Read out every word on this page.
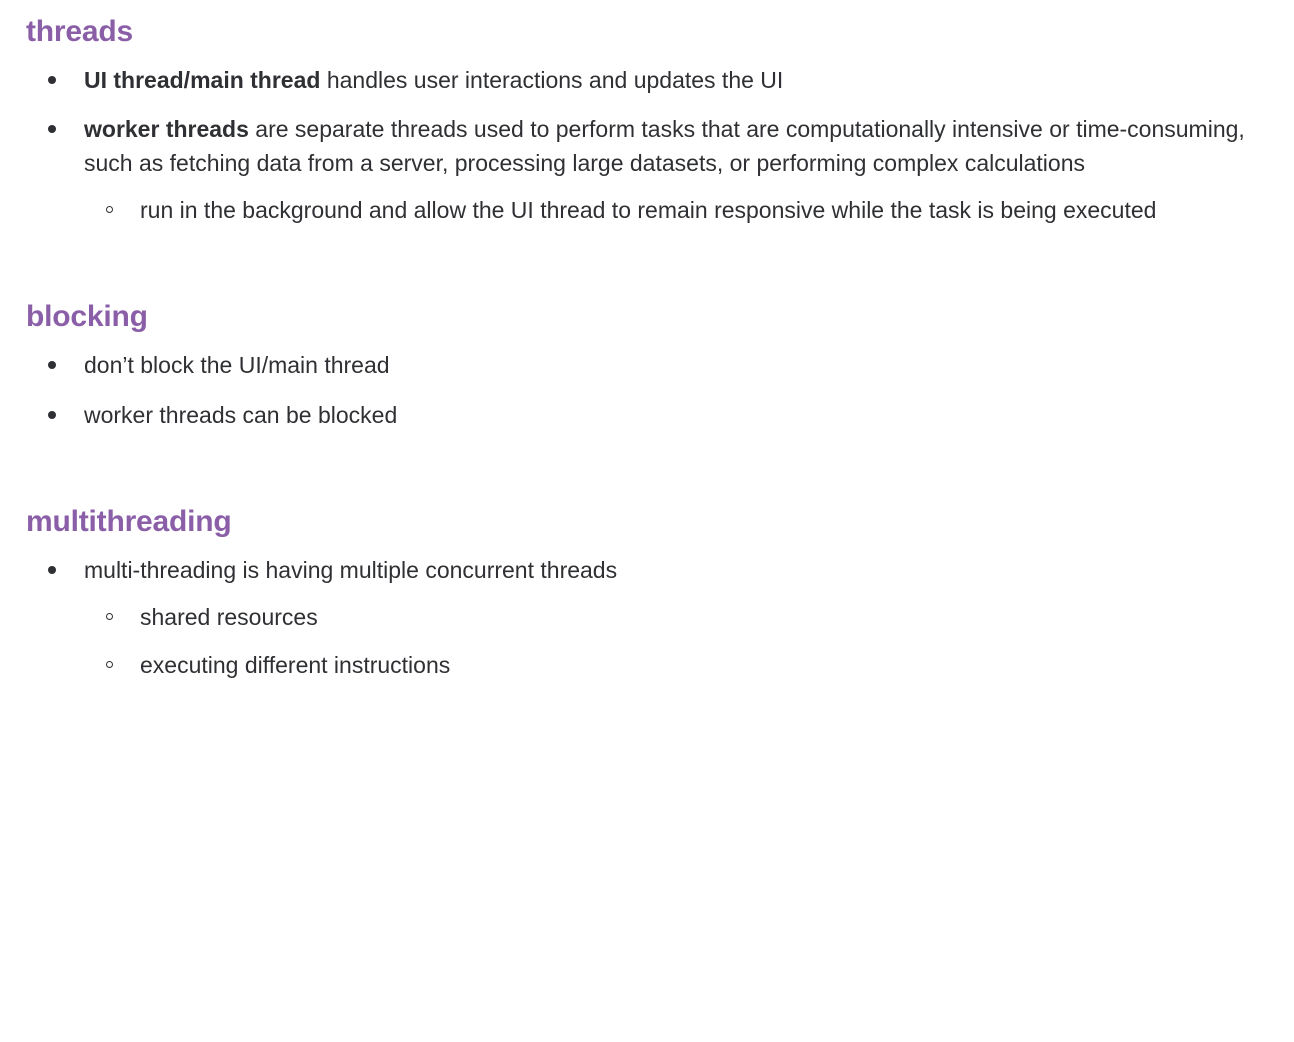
threads
UI thread/main thread handles user interactions and updates the UI
worker threads are separate threads used to perform tasks that are computationally intensive or time-consuming, such as fetching data from a server, processing large datasets, or performing complex calculations
run in the background and allow the UI thread to remain responsive while the task is being executed
blocking
don’t block the UI/main thread
worker threads can be blocked
multithreading
multi-threading is having multiple concurrent threads
shared resources
executing different instructions
